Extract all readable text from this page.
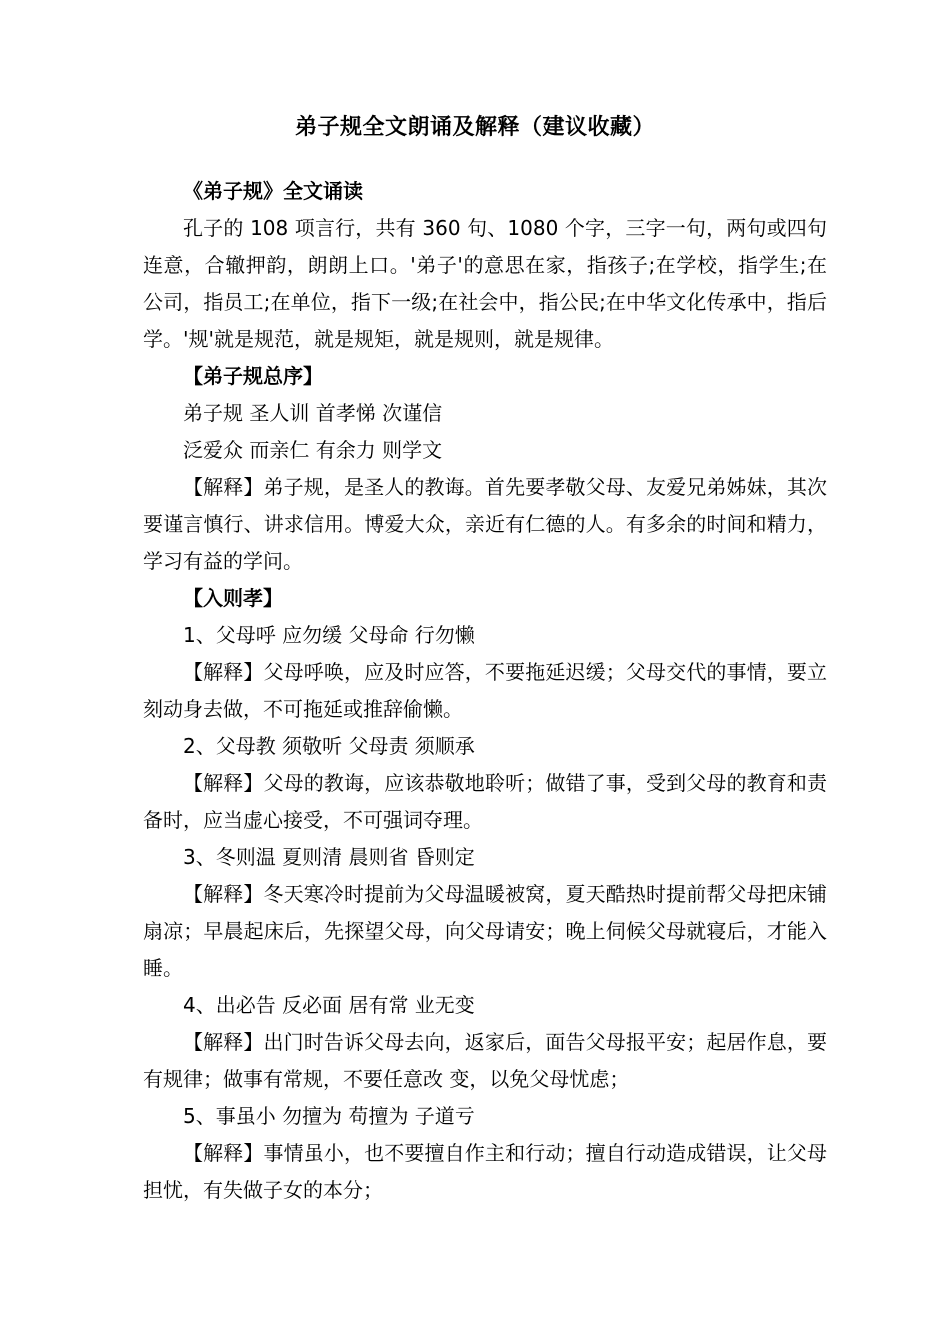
弟子规全文朗诵及解释（建议收藏）
《弟子规》全文诵读
孔子的 108 项言行，共有 360 句、1080 个字，三字一句，两句或四句连意，合辙押韵，朗朗上口。'弟子'的意思在家，指孩子;在学校，指学生;在公司，指员工;在单位，指下一级;在社会中，指公民;在中华文化传承中，指后学。'规'就是规范，就是规矩，就是规则，就是规律。
【弟子规总序】
弟子规 圣人训 首孝悌 次谨信
泛爱众 而亲仁 有余力 则学文
【解释】弟子规，是圣人的教诲。首先要孝敬父母、友爱兄弟姊妹，其次要谨言慎行、讲求信用。博爱大众，亲近有仁德的人。有多余的时间和精力，学习有益的学问。
【入则孝】
1、父母呼 应勿缓 父母命 行勿懒
【解释】父母呼唤，应及时应答，不要拖延迟缓；父母交代的事情，要立刻动身去做，不可拖延或推辞偷懒。
2、父母教 须敬听 父母责 须顺承
【解释】父母的教诲，应该恭敬地聆听；做错了事，受到父母的教育和责备时，应当虚心接受，不可强词夺理。
3、冬则温 夏则清 晨则省 昏则定
【解释】冬天寒冷时提前为父母温暖被窝，夏天酷热时提前帮父母把床铺扇凉；早晨起床后，先探望父母，向父母请安；晚上伺候父母就寝后，才能入睡。
4、出必告 反必面 居有常 业无变
【解释】出门时告诉父母去向，返家后，面告父母报平安；起居作息，要有规律；做事有常规，不要任意改 变，以免父母忧虑；
5、事虽小 勿擅为 苟擅为 子道亏
【解释】事情虽小，也不要擅自作主和行动；擅自行动造成错误，让父母担忧，有失做子女的本分；
